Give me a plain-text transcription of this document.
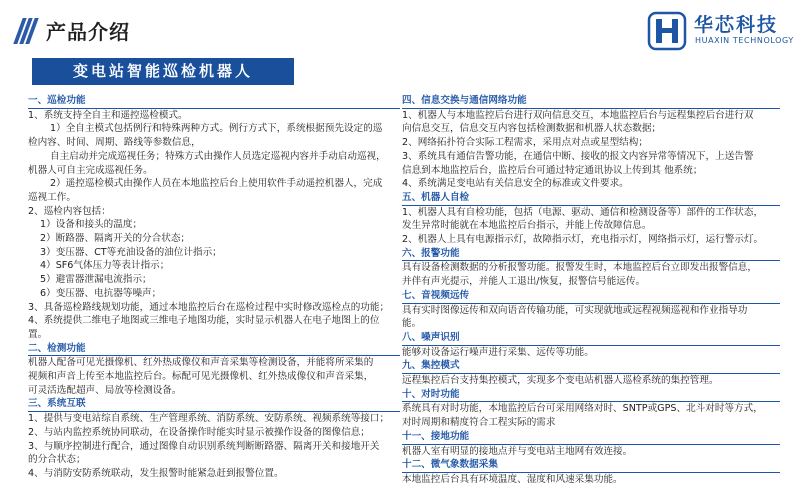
产品介绍	华芯科技
HUAXIN TECHNOLOGY
变电站智能巡检机器人
一、巡检功能

1、系统支持全自主和遥控巡检模式。

1）全自主模式包括例行和特殊两种方式。例行方式下，系统根据预先设定的巡

检内容、时间、周期、路线等参数信息，

自主启动并完成巡视任务；特殊方式由操作人员选定巡视内容并手动启动巡视，

机器人可自主完成巡视任务。

2）遥控巡检模式由操作人员在本地监控后台上使用软件手动遥控机器人，完成

巡视工作。

2、巡检内容包括：

1）设备和接头的温度；

2）断路器、隔离开关的分合状态；

3）变压器、CT等充油设备的油位计指示；

4）SF6气体压力等表计指示；

5）避雷器泄漏电流指示；

6）变压器、电抗器等噪声；

3、具备巡检路线规划功能，通过本地监控后台在巡检过程中实时修改巡检点的功能；

4、系统提供二维电子地图或三维电子地图功能，实时显示机器人在电子地图上的位

置。

二、检测功能

机器人配备可见光摄像机、红外热成像仪和声音采集等检测设备，并能将所采集的

视频和声音上传至本地监控后台。标配可见光摄像机、红外热成像仪和声音采集，

可灵活选配超声、局放等检测设备。

三、系统互联

1、提供与变电站综自系统、生产管理系统、消防系统、安防系统、视频系统等接口；

2、与站内监控系统协同联动，在设备操作时能实时显示被操作设备的图像信息；

3、与顺序控制进行配合，通过图像自动识别系统判断断路器、隔离开关和接地开关

的分合状态；

4、与消防安防系统联动，发生报警时能紧急赶到报警位置。

四、信息交换与通信网络功能

1、机器人与本地监控后台进行双向信息交互，本地监控后台与远程集控后台进行双

向信息交互，信息交互内容包括检测数据和机器人状态数据；

2、网络拓扑符合实际工程需求，采用点对点或星型结构；

3、系统具有通信告警功能，在通信中断、接收的报文内容异常等情况下，上送告警

信息到本地监控后台，监控后台可通过特定通讯协议上传到其 他系统；

4、系统满足变电站有关信息安全的标准或文件要求。

五、机器人自检

1、机器人具有自检功能，包括（电源、驱动、通信和检测设备等）部件的工作状态，

发生异常时能就在本地监控后台指示，并能上传故障信息。

2、机器人上具有电源指示灯，故障指示灯，充电指示灯，网络指示灯，运行警示灯。

六、报警功能

具有设备检测数据的分析报警功能。报警发生时，本地监控后台立即发出报警信息，

并伴有声光提示，并能人工退出/恢复，报警信号能远传。

七、音视频远传

具有实时图像远传和双向语音传输功能，可实现就地或远程视频巡视和作业指导功

能。

八、噪声识别

能够对设备运行噪声进行采集、远传等功能。

九、集控模式

远程集控后台支持集控模式，实现多个变电站机器人巡检系统的集控管理。

十、对时功能

系统具有对时功能，本地监控后台可采用网络对时、SNTP或GPS、北斗对时等方式，

对时周期和精度符合工程实际的需求

十一、接地功能

机器人室有明显的接地点并与变电站主地网有效连接。

十二、微气象数据采集

本地监控后台具有环境温度、湿度和风速采集功能。
